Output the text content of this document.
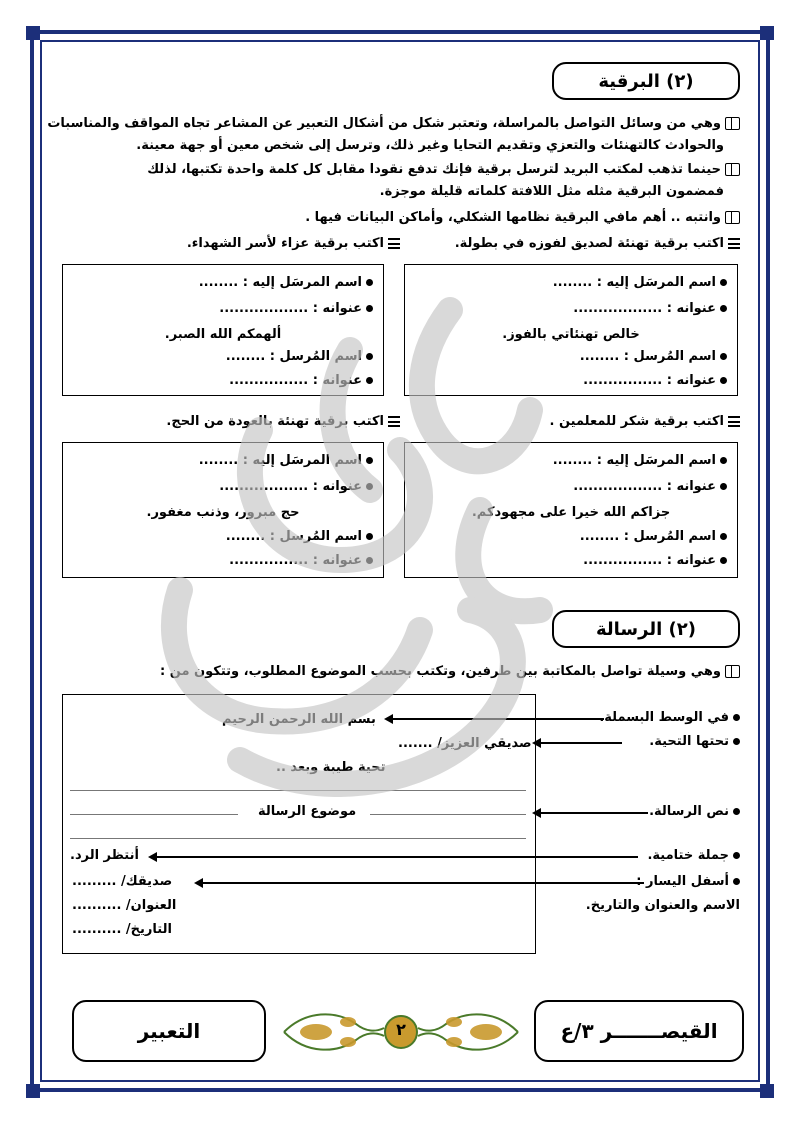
(٢) البرقية
وهي من وسائل التواصل بالمراسلة، وتعتبر شكل من أشكال التعبير عن المشاعر تجاه المواقف والمناسبات
والحوادث كالتهنئات والتعزي وتقديم التحايا وغير ذلك، وترسل إلى شخص معين أو جهة معينة.
حينما تذهب لمكتب البريد لترسل برقية فإنك تدفع نقودا مقابل كل كلمة واحدة تكتبها، لذلك
فمضمون البرقية مثله مثل اللافتة كلماته قليلة موجزة.
وانتبه .. أهم مافي البرقية نظامها الشكلي، وأماكن البيانات فيها .
اكتب برقية تهنئة لصديق لفوزه في بطولة.
اكتب برقية عزاء لأسر الشهداء.
اسم المرسَل إليه : ........
عنوانه : ..................
خالص تهنئاتي بالفوز.
اسم المُرسل : ........
عنوانه : ................
اسم المرسَل إليه : ........
عنوانه : ..................
ألهمكم الله الصبر.
اسم المُرسل : ........
عنوانه : ................
اكتب برقية شكر للمعلمين .
اكتب برقية تهنئة بالعودة من الحج.
اسم المرسَل إليه : ........
عنوانه : ..................
جزاكم الله خيرا على مجهودكم.
اسم المُرسل : ........
عنوانه : ................
اسم المرسَل إليه : ........
عنوانه : ..................
حج مبرور، وذنب مغفور.
اسم المُرسل : ........
عنوانه : ................
(٢) الرسالة
وهي وسيلة تواصل بالمكاتبة بين طرفين، وتكتب بحسب الموضوع المطلوب، وتتكون من :
بسم الله الرحمن الرحيم
صديقي العزيز/ .......
تحية طيبة وبعد ..
موضوع الرسالة
أنتظر الرد.
صديقك/ .........
العنوان/ ..........
التاريخ/ ..........
في الوسط البسملة.
تحتها التحية.
نص الرسالة.
جملة ختامية.
أسفل اليسار :
الاسم والعنوان والتاريخ.
التعبير	القيصـــــــر ٣/ع
٢
